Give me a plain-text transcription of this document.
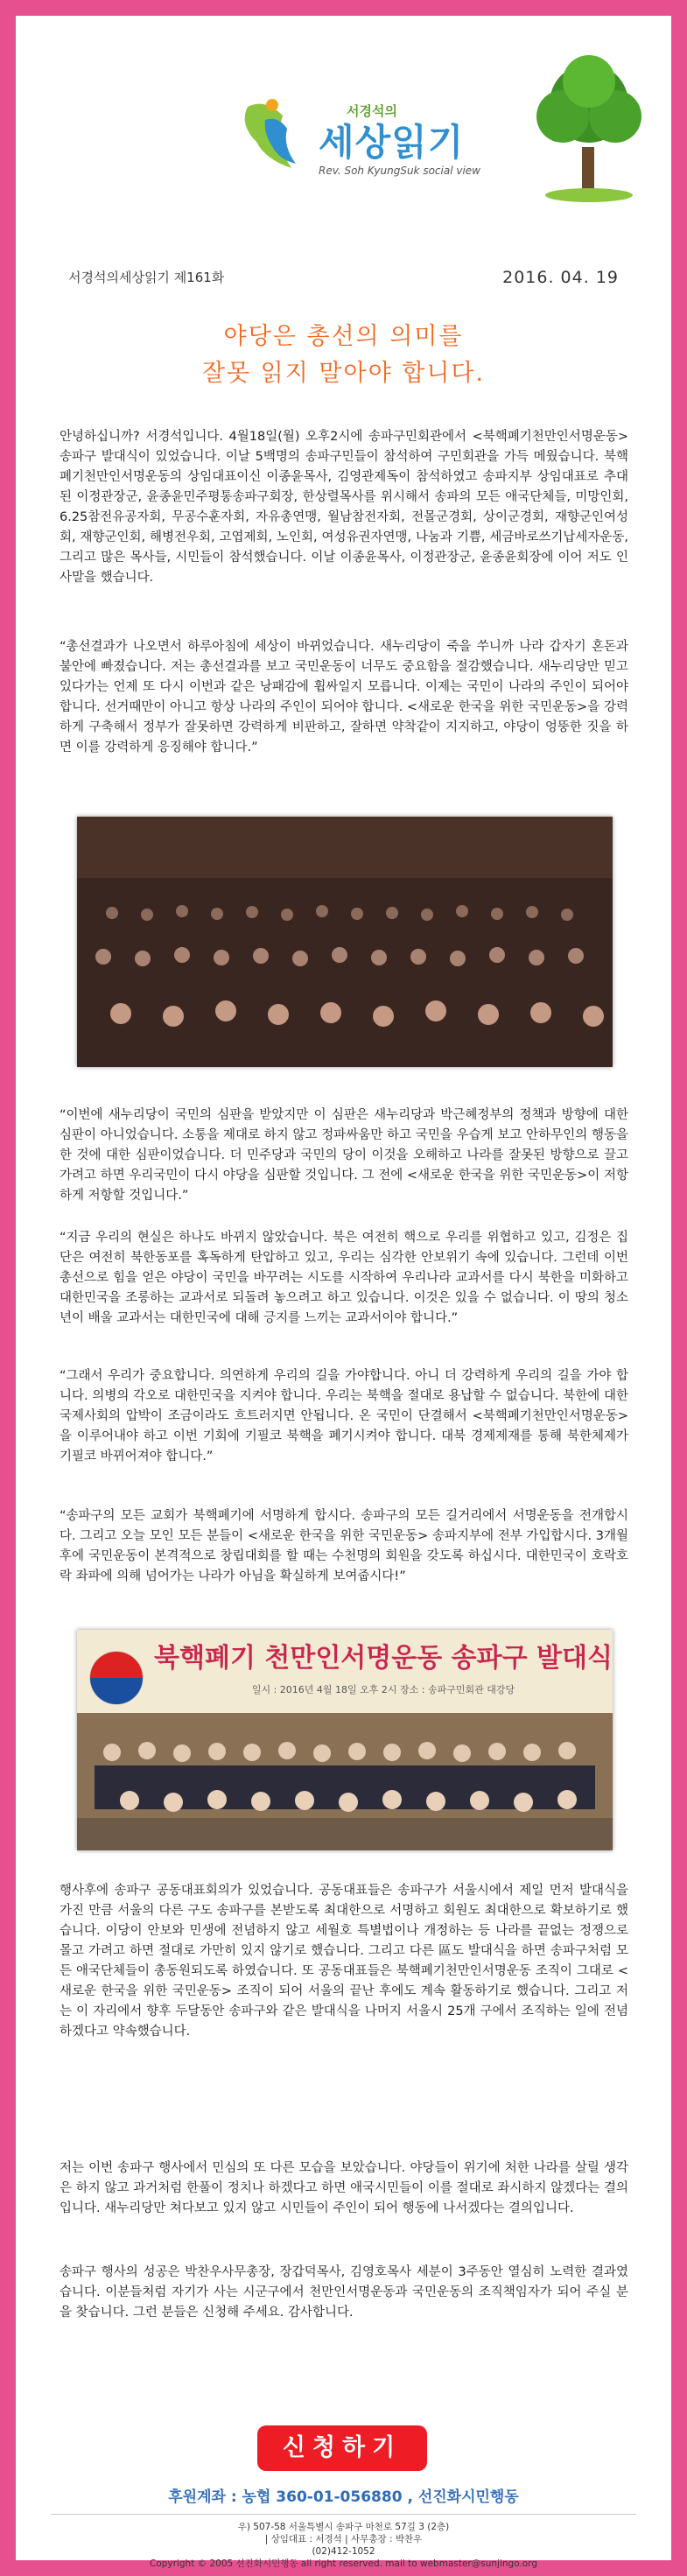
서경석의
세상읽기
Rev. Soh KyungSuk social view
서경석의세상읽기 제161화	2016. 04. 19
야당은 총선의 의미를
잘못 읽지 말아야 합니다.

안녕하십니까? 서경석입니다. 4월18일(월) 오후2시에 송파구민회관에서 <북핵폐기천만인서명운동>송파구 발대식이 있었습니다. 이날 5백명의 송파구민들이 참석하여 구민회관을 가득 메웠습니다. 북핵폐기천만인서명운동의 상임대표이신 이종윤목사, 김영관제독이 참석하였고 송파지부 상임대표로 추대된 이정관장군, 윤종윤민주평통송파구회장, 한상렬목사를 위시해서 송파의 모든 애국단체들, 미망인회, 6.25참전유공자회, 무공수훈자회, 자유총연맹, 월남참전자회, 전몰군경회, 상이군경회, 재향군인여성회, 재향군인회, 해병전우회, 고엽제회, 노인회, 여성유권자연맹, 나눔과 기쁨, 세금바로쓰기납세자운동, 그리고 많은 목사들, 시민들이 참석했습니다. 이날 이종윤목사, 이정관장군, 윤종윤회장에 이어 저도 인사말을 했습니다.

“총선결과가 나오면서 하루아침에 세상이 바뀌었습니다. 새누리당이 죽을 쑤니까 나라 갑자기 혼돈과 불안에 빠졌습니다. 저는 총선결과를 보고 국민운동이 너무도 중요함을 절감했습니다. 새누리당만 믿고 있다가는 언제 또 다시 이번과 같은 낭패감에 휩싸일지 모릅니다. 이제는 국민이 나라의 주인이 되어야 합니다. 선거때만이 아니고 항상 나라의 주인이 되어야 합니다. <새로운 한국을 위한 국민운동>을 강력하게 구축해서 정부가 잘못하면 강력하게 비판하고, 잘하면 약착같이 지지하고, 야당이 엉뚱한 짓을 하면 이를 강력하게 응징해야 합니다.”

“이번에 새누리당이 국민의 심판을 받았지만 이 심판은 새누리당과 박근혜정부의 정책과 방향에 대한 심판이 아니었습니다. 소통을 제대로 하지 않고 정파싸움만 하고 국민을 우습게 보고 안하무인의 행동을 한 것에 대한 심판이었습니다. 더 민주당과 국민의 당이 이것을 오해하고 나라를 잘못된 방향으로 끌고 가려고 하면 우리국민이 다시 야당을 심판할 것입니다. 그 전에 <새로운 한국을 위한 국민운동>이 저항하게 저항할 것입니다.”

“지금 우리의 현실은 하나도 바뀌지 않았습니다. 북은 여전히 핵으로 우리를 위협하고 있고, 김정은 집단은 여전히 북한동포를 혹독하게 탄압하고 있고, 우리는 심각한 안보위기 속에 있습니다. 그런데 이번 총선으로 힘을 얻은 야당이 국민을 바꾸려는 시도를 시작하여 우리나라 교과서를 다시 북한을 미화하고 대한민국을 조롱하는 교과서로 되돌려 놓으려고 하고 있습니다. 이것은 있을 수 없습니다. 이 땅의 청소년이 배울 교과서는 대한민국에 대해 긍지를 느끼는 교과서이야 합니다.”

“그래서 우리가 중요합니다. 의연하게 우리의 길을 가야합니다. 아니 더 강력하게 우리의 길을 가야 합니다. 의병의 각오로 대한민국을 지켜야 합니다. 우리는 북핵을 절대로 용납할 수 없습니다. 북한에 대한 국제사회의 압박이 조금이라도 흐트러지면 안됩니다. 온 국민이 단결해서 <북핵폐기천만인서명운동>을 이루어내야 하고 이번 기회에 기필코 북핵을 폐기시켜야 합니다. 대북 경제제재를 통해 북한체제가 기필코 바뀌어져야 합니다.”

“송파구의 모든 교회가 북핵폐기에 서명하게 합시다. 송파구의 모든 길거리에서 서명운동을 전개합시다. 그리고 오늘 모인 모든 분들이 <새로운 한국을 위한 국민운동> 송파지부에 전부 가입합시다. 3개월 후에 국민운동이 본격적으로 창립대회를 할 때는 수천명의 회원을 갖도록 하십시다. 대한민국이 호락호락 좌파에 의해 넘어가는 나라가 아님을 확실하게 보여줍시다!”

북핵폐기 천만인서명운동 송파구 발대식
일시 : 2016년 4월 18일 오후 2시 장소 : 송파구민회관 대강당

행사후에 송파구 공동대표회의가 있었습니다. 공동대표들은 송파구가 서울시에서 제일 먼저 발대식을 가진 만큼 서울의 다른 구도 송파구를 본받도록 최대한으로 서명하고 회원도 최대한으로 확보하기로 했습니다. 이당이 안보와 민생에 전념하지 않고 세월호 특별법이나 개정하는 등 나라를 끝없는 정쟁으로 몰고 가려고 하면 절대로 가만히 있지 않기로 했습니다. 그리고 다른 區도 발대식을 하면 송파구처럼 모든 애국단체들이 총동원되도록 하였습니다. 또 공동대표들은 북핵폐기천만인서명운동 조직이 그대로 <새로운 한국을 위한 국민운동> 조직이 되어 서울의 끝난 후에도 계속 활동하기로 했습니다. 그리고 저는 이 자리에서 향후 두달동안 송파구와 같은 발대식을 나머지 서울시 25개 구에서 조직하는 일에 전념하겠다고 약속했습니다.

저는 이번 송파구 행사에서 민심의 또 다른 모습을 보았습니다. 야당들이 위기에 처한 나라를 살릴 생각은 하지 않고 과거처럼 한풀이 정치나 하겠다고 하면 애국시민들이 이를 절대로 좌시하지 않겠다는 결의입니다. 새누리당만 쳐다보고 있지 않고 시민들이 주인이 되어 행동에 나서겠다는 결의입니다.

송파구 행사의 성공은 박찬우사무총장, 장갑덕목사, 김영호목사 세분이 3주동안 열심히 노력한 결과였습니다. 이분들처럼 자기가 사는 시군구에서 천만인서명운동과 국민운동의 조직책임자가 되어 주실 분을 찾습니다. 그런 분들은 신청해 주세요. 감사합니다.

신청하기
후원계좌 : 농협 360-01-056880 , 선진화시민행동
우) 507-58 서울특별시 송파구 마천로 57길 3 (2층)
| 상임대표 : 서경석 | 사무총장 : 박찬우
(02)412-1052
Copyright © 2005 선진화시민행동 all right reserved. mail to webmaster@sunjingo.org
